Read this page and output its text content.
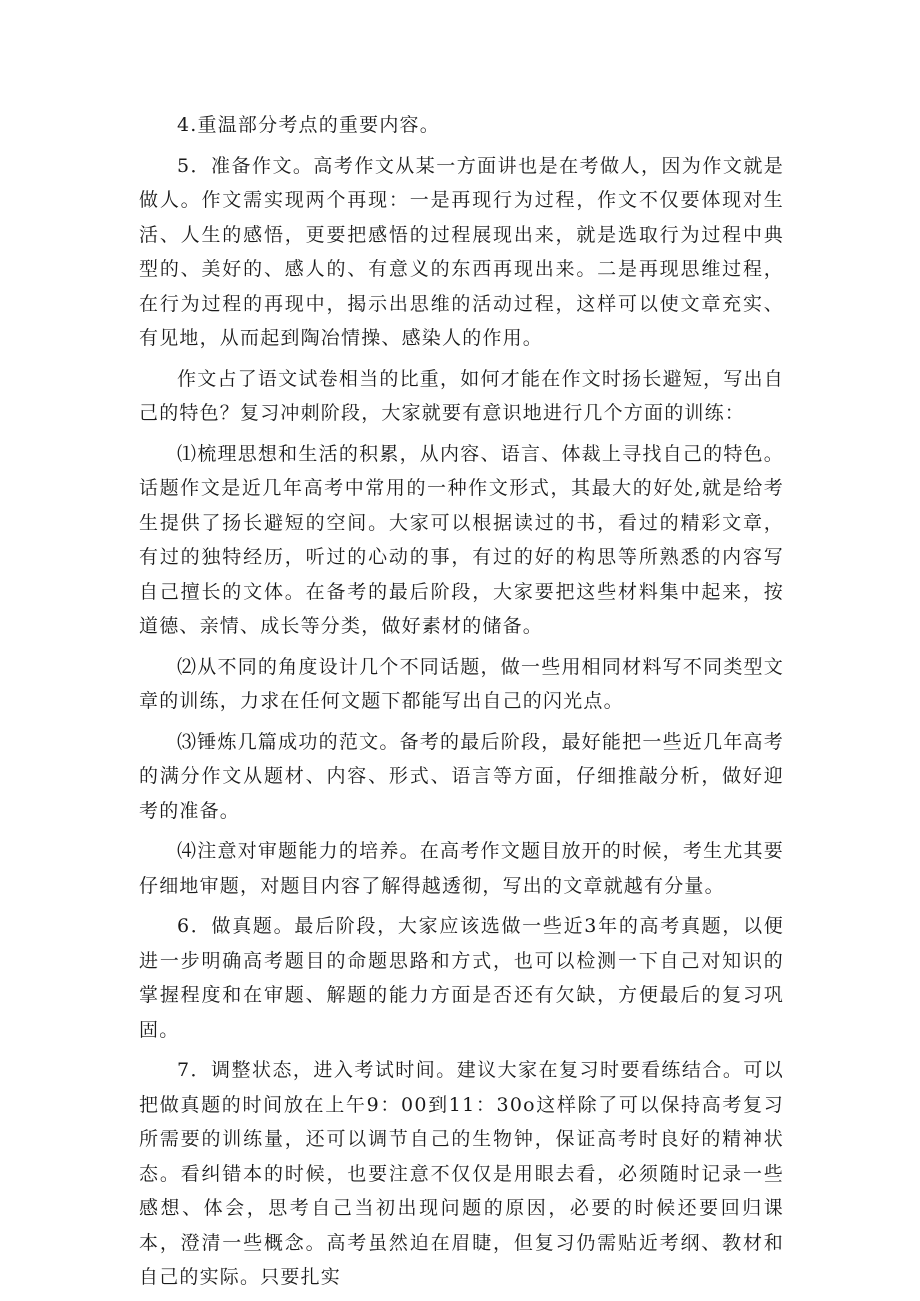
4.重温部分考点的重要内容。

5．准备作文。高考作文从某一方面讲也是在考做人，因为作文就是做人。作文需实现两个再现：一是再现行为过程，作文不仅要体现对生活、人生的感悟，更要把感悟的过程展现出来，就是选取行为过程中典型的、美好的、感人的、有意义的东西再现出来。二是再现思维过程，在行为过程的再现中，揭示出思维的活动过程，这样可以使文章充实、有见地，从而起到陶冶情操、感染人的作用。

作文占了语文试卷相当的比重，如何才能在作文时扬长避短，写出自己的特色？复习冲刺阶段，大家就要有意识地进行几个方面的训练：

⑴梳理思想和生活的积累，从内容、语言、体裁上寻找自己的特色。话题作文是近几年高考中常用的一种作文形式，其最大的好处,就是给考生提供了扬长避短的空间。大家可以根据读过的书，看过的精彩文章，有过的独特经历，听过的心动的事，有过的好的构思等所熟悉的内容写自己擅长的文体。在备考的最后阶段，大家要把这些材料集中起来，按道德、亲情、成长等分类，做好素材的储备。

⑵从不同的角度设计几个不同话题，做一些用相同材料写不同类型文章的训练，力求在任何文题下都能写出自己的闪光点。

⑶锤炼几篇成功的范文。备考的最后阶段，最好能把一些近几年高考的满分作文从题材、内容、形式、语言等方面，仔细推敲分析，做好迎考的准备。

⑷注意对审题能力的培养。在高考作文题目放开的时候，考生尤其要仔细地审题，对题目内容了解得越透彻，写出的文章就越有分量。

6．做真题。最后阶段，大家应该选做一些近3年的高考真题，以便进一步明确高考题目的命题思路和方式，也可以检测一下自己对知识的掌握程度和在审题、解题的能力方面是否还有欠缺，方便最后的复习巩固。

7．调整状态，进入考试时间。建议大家在复习时要看练结合。可以把做真题的时间放在上午9：00到11：30o这样除了可以保持高考复习所需要的训练量，还可以调节自己的生物钟，保证高考时良好的精神状态。看纠错本的时候，也要注意不仅仅是用眼去看，必须随时记录一些感想、体会，思考自己当初出现问题的原因，必要的时候还要回归课本，澄清一些概念。高考虽然迫在眉睫，但复习仍需贴近考纲、教材和自己的实际。只要扎实
